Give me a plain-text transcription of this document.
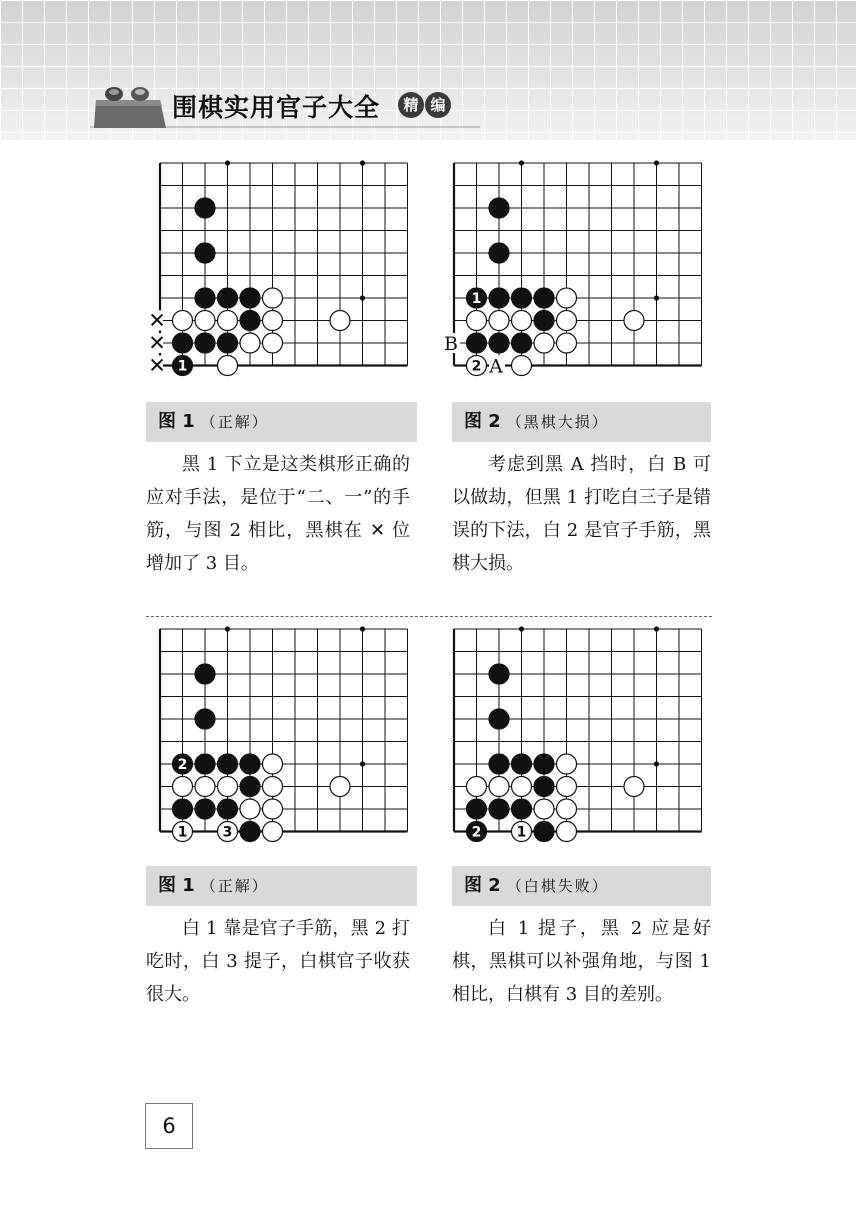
围棋实用官子大全	精 编
1
✕
✕
✕
图 1 （正解）

黑 1 下立是这类棋形正确的应对手法，是位于“二、一”的手筋，与图 2 相比，黑棋在 ✕ 位增加了 3 目。

1
2
B
A
图 2 （黑棋大损）

考虑到黑 A 挡时，白 B 可以做劫，但黑 1 打吃白三子是错误的下法，白 2 是官子手筋，黑棋大损。

2
1	3
图 1 （正解）

白 1 靠是官子手筋，黑 2 打吃时，白 3 提子，白棋官子收获很大。

2	1
图 2 （白棋失败）

白 1 提子，黑 2 应是好棋，黑棋可以补强角地，与图 1 相比，白棋有 3 目的差别。

6
